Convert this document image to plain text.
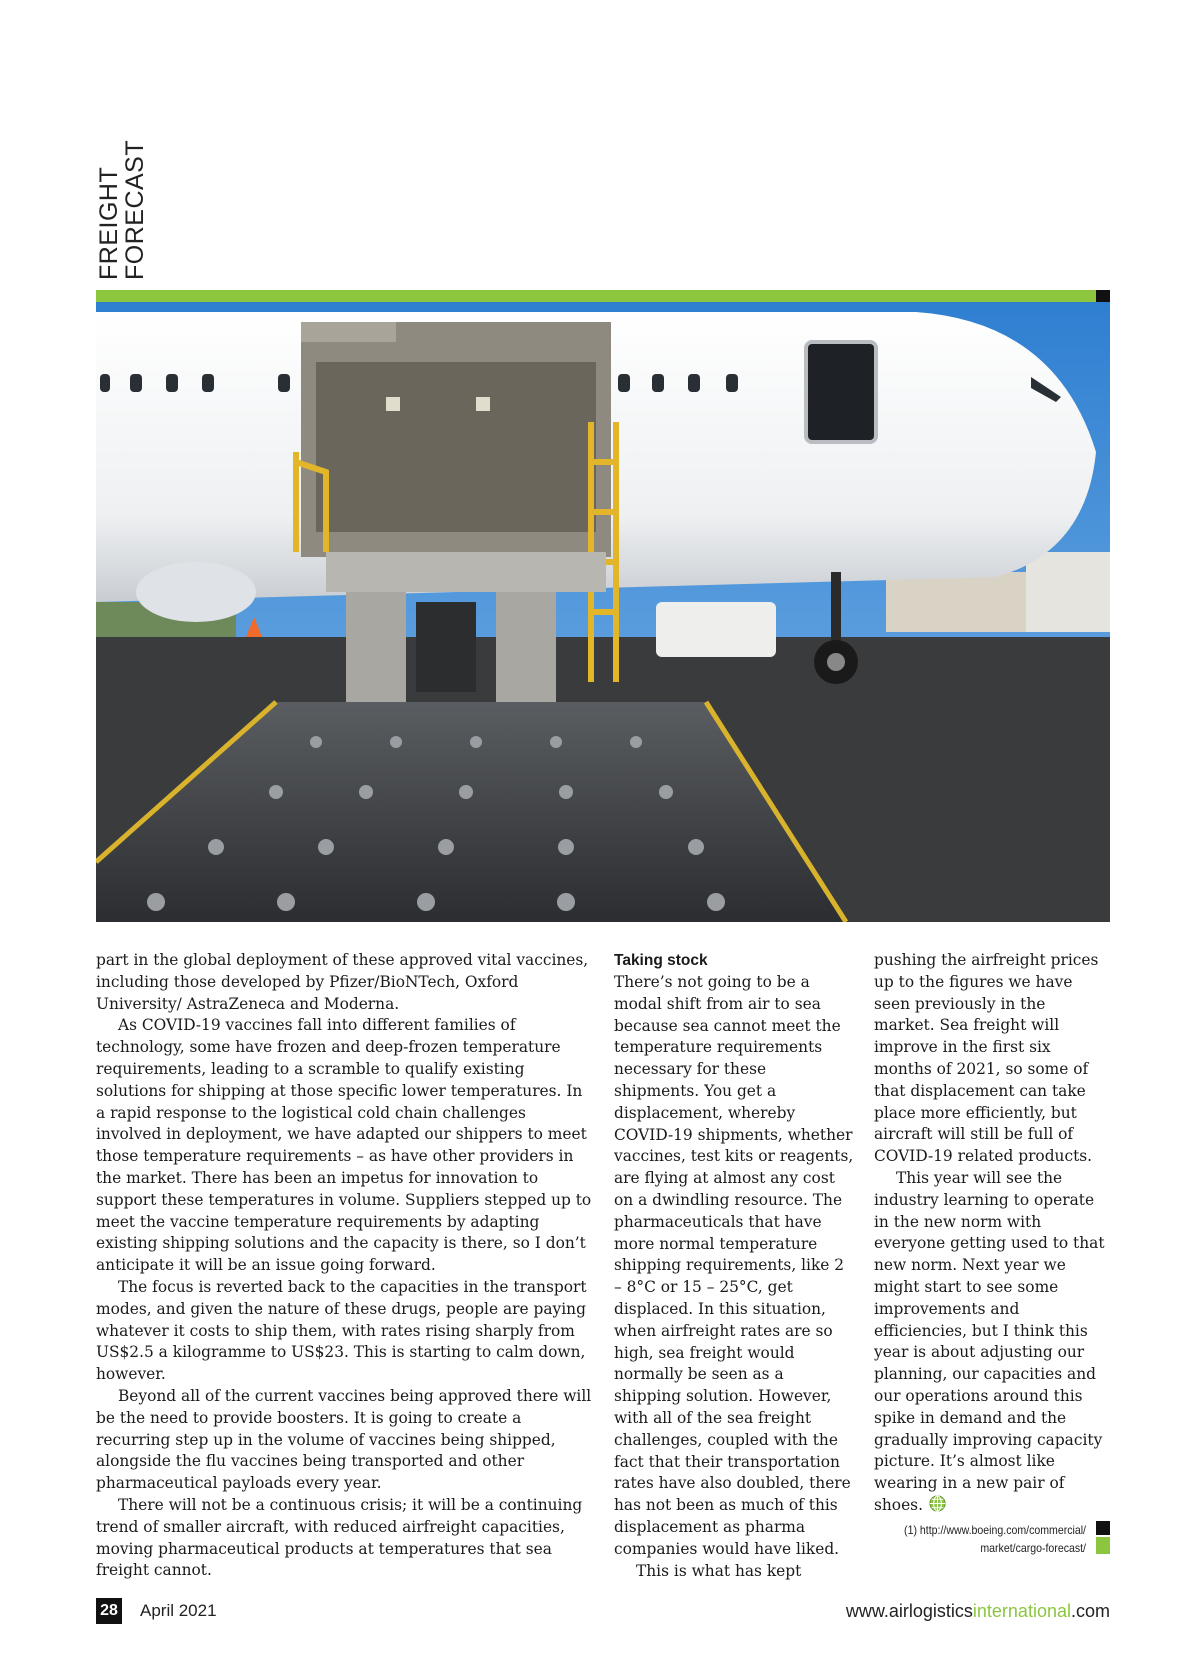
FREIGHT
FORECAST

part in the global deployment of these approved vital vaccines, including those developed by Pfizer/BioNTech, Oxford University/ AstraZeneca and Moderna.

As COVID-19 vaccines fall into different families of technology, some have frozen and deep-frozen temperature requirements, leading to a scramble to qualify existing solutions for shipping at those specific lower temperatures. In a rapid response to the logistical cold chain challenges involved in deployment, we have adapted our shippers to meet those temperature requirements – as have other providers in the market. There has been an impetus for innovation to support these temperatures in volume. Suppliers stepped up to meet the vaccine temperature requirements by adapting existing shipping solutions and the capacity is there, so I don’t anticipate it will be an issue going forward.

The focus is reverted back to the capacities in the transport modes, and given the nature of these drugs, people are paying whatever it costs to ship them, with rates rising sharply from US$2.5 a kilogramme to US$23. This is starting to calm down, however.

Beyond all of the current vaccines being approved there will be the need to provide boosters. It is going to create a recurring step up in the volume of vaccines being shipped, alongside the flu vaccines being transported and other pharmaceutical payloads every year.

There will not be a continuous crisis; it will be a continuing trend of smaller aircraft, with reduced airfreight capacities, moving pharmaceutical products at temperatures that sea freight cannot.

Taking stock

There’s not going to be a modal shift from air to sea because sea cannot meet the temperature requirements necessary for these shipments. You get a displacement, whereby COVID-19 shipments, whether vaccines, test kits or reagents, are flying at almost any cost on a dwindling resource. The pharmaceuticals that have more normal temperature shipping requirements, like 2 – 8°C or 15 – 25°C, get displaced. In this situation, when airfreight rates are so high, sea freight would normally be seen as a shipping solution. However, with all of the sea freight challenges, coupled with the fact that their transportation rates have also doubled, there has not been as much of this displacement as pharma companies would have liked.

This is what has kept

pushing the airfreight prices up to the figures we have seen previously in the market. Sea freight will improve in the first six months of 2021, so some of that displacement can take place more efficiently, but aircraft will still be full of COVID-19 related products.

This year will see the industry learning to operate in the new norm with everyone getting used to that new norm. Next year we might start to see some improvements and efficiencies, but I think this year is about adjusting our planning, our capacities and our operations around this spike in demand and the gradually improving capacity picture. It’s almost like wearing in a new pair of shoes.

(1) http://www.boeing.com/commercial/
market/cargo-forecast/
28 April 2021	www.airlogisticsinternational.com
